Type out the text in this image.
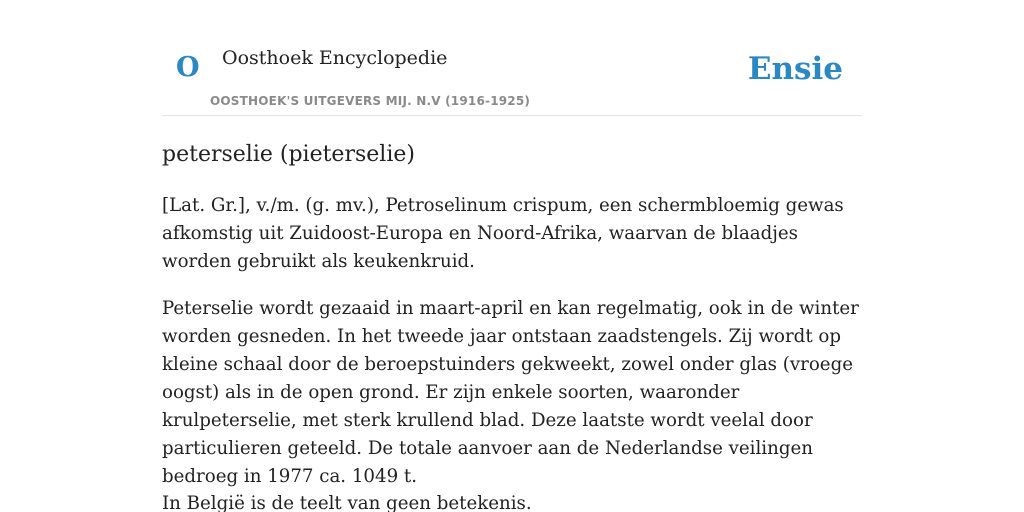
O Oosthoek Encyclopedie
OOSTHOEK'S UITGEVERS MIJ. N.V (1916-1925)
Ensie
peterselie (pieterselie)

[Lat. Gr.], v./m. (g. mv.), Petroselinum crispum, een schermbloemig gewas afkomstig uit Zuidoost-Europa en Noord-Afrika, waarvan de blaadjes worden gebruikt als keukenkruid.

Peterselie wordt gezaaid in maart-april en kan regelmatig, ook in de winter worden gesneden. In het tweede jaar ontstaan zaadstengels. Zij wordt op kleine schaal door de beroepstuinders gekweekt, zowel onder glas (vroege oogst) als in de open grond. Er zijn enkele soorten, waaronder krulpeterselie, met sterk krullend blad. Deze laatste wordt veelal door particulieren geteeld. De totale aanvoer aan de Nederlandse veilingen bedroeg in 1977 ca. 1049 t.

In België is de teelt van geen betekenis.
